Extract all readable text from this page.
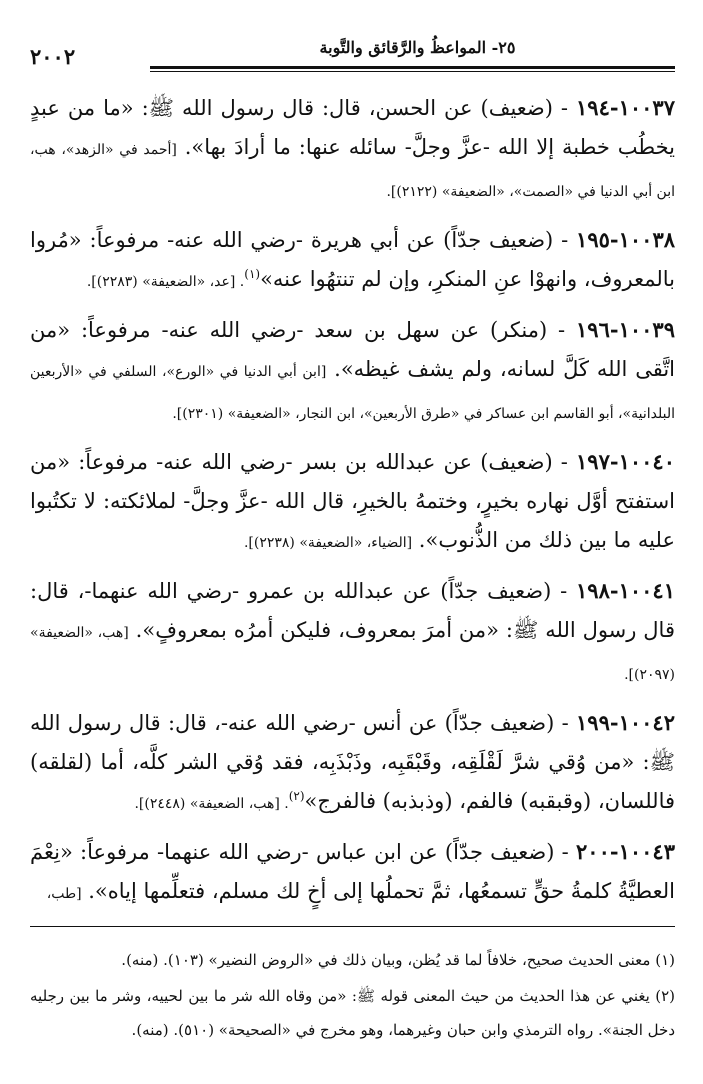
٢٥- المواعظُ والرَّقائق والتَّوبة
٢٠٠٢

١٠٠٣٧-١٩٤ - (ضعيف) عن الحسن، قال: قال رسول الله ﷺ: «ما من عبدٍ يخطُب خطبة إلا الله -عزَّ وجلَّ- سائله عنها: ما أرادَ بها». [أحمد في «الزهد»، هب، ابن أبي الدنيا في «الصمت»، «الضعيفة» (٢١٢٢)].

١٠٠٣٨-١٩٥ - (ضعيف جدّاً) عن أبي هريرة -رضي الله عنه- مرفوعاً: «مُروا بالمعروف، وانهوْا عنِ المنكرِ، وإن لم تنتهُوا عنه»$^{(١)}$. [عد، «الضعيفة» (٢٢٨٣)].

١٠٠٣٩-١٩٦ - (منكر) عن سهل بن سعد -رضي الله عنه- مرفوعاً: «من اتَّقى الله كَلَّ لسانه، ولم يشف غيظه». [ابن أبي الدنيا في «الورع»، السلفي في «الأربعين البلدانية»، أبو القاسم ابن عساكر في «طرق الأربعين»، ابن النجار، «الضعيفة» (٢٣٠١)].

١٠٠٤٠-١٩٧ - (ضعيف) عن عبدالله بن بسر -رضي الله عنه- مرفوعاً: «من استفتح أوَّل نهاره بخيرٍ، وختمهُ بالخيرِ، قال الله -عزَّ وجلَّ- لملائكته: لا تكتُبوا عليه ما بين ذلك من الذُّنوب». [الضياء، «الضعيفة» (٢٢٣٨)].

١٠٠٤١-١٩٨ - (ضعيف جدّاً) عن عبدالله بن عمرو -رضي الله عنهما-، قال: قال رسول الله ﷺ: «من أمرَ بمعروف، فليكن أمرُه بمعروفٍ». [هب، «الضعيفة» (٢٠٩٧)].

١٠٠٤٢-١٩٩ - (ضعيف جدّاً) عن أنس -رضي الله عنه-، قال: قال رسول الله ﷺ: «من وُقي شرَّ لَقْلَقِه، وقَبْقَبِه، وذَبْذَبِه، فقد وُقي الشر كلَّه، أما (لقلقه) فاللسان، (وقبقبه) فالفم، (وذبذبه) فالفرج»$^{(٢)}$. [هب، الضعيفة» (٢٤٤٨)].

١٠٠٤٣-٢٠٠ - (ضعيف جدّاً) عن ابن عباس -رضي الله عنهما- مرفوعاً: «نِعْمَ العطيَّةُ كلمةُ حقٍّ تسمعُها، ثمَّ تحملُها إلى أخٍ لك مسلم، فتعلِّمها إياه». [طب،

(١) معنى الحديث صحيح، خلافاً لما قد يُظن، وبيان ذلك في «الروض النضير» (١٠٣). (منه).

(٢) يغني عن هذا الحديث من حيث المعنى قوله ﷺ: «من وقاه الله شر ما بين لحييه، وشر ما بين رجليه دخل الجنة». رواه الترمذي وابن حبان وغيرهما، وهو مخرج في «الصحيحة» (٥١٠). (منه).
